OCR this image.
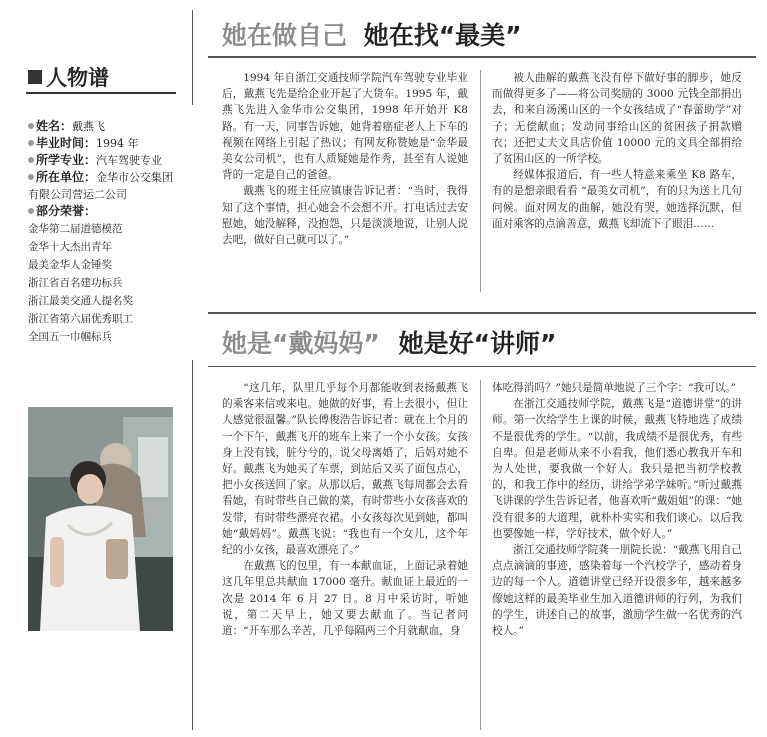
人物谱
姓名：戴燕飞
毕业时间：1994 年
所学专业：汽车驾驶专业
所在单位：金华市公交集团有限公司营运二公司
部分荣誉：
金华第二届道德模范
金华十大杰出青年
最美金华人金锤奖
浙江省百名建功标兵
浙江最美交通人提名奖
浙江省第六届优秀职工
全国五一巾帼标兵
她在做自己 她在找“最美”

1994 年自浙江交通技师学院汽车驾驶专业毕业后，戴燕飞先是给企业开起了大货车。1995 年，戴燕飞先进入金华市公交集团，1998 年开始开 K8 路。有一天，同事告诉她，她背着癌症老人上下车的视频在网络上引起了热议；有网友称赞她是“金华最美女公司机”，也有人质疑她是作秀，甚至有人说她背的一定是自己的爸爸。

戴燕飞的班主任应镇康告诉记者：“当时，我得知了这个事情，担心她会不会想不开。打电话过去安慰她，她没解释，没抱怨，只是淡淡地说，让别人说去吧，做好自己就可以了。”

被人曲解的戴燕飞没有停下做好事的脚步，她反而做得更多了——将公司奖励的 3000 元钱全部捐出去，和来自汤溪山区的一个女孩结成了“春蕾助学”对子；无偿献血；发动同事给山区的贫困孩子捐款赠衣；还把丈夫文具店价值 10000 元的文具全部捐给了贫困山区的一所学校。

经媒体报道后，有一些人特意来乘坐 K8 路车，有的是想亲眼看看 “最美女司机”，有的只为送上几句问候。面对网友的曲解，她没有哭，她选择沉默，但面对乘客的点滴善意，戴燕飞却流下了眼泪……

她是“戴妈妈” 她是好“讲师”

“这几年，队里几乎每个月都能收到表扬戴燕飞的乘客来信或来电。她做的好事，看上去很小，但让人感觉很温馨。”队长傅俊浩告诉记者：就在上个月的一个下午，戴燕飞开的班车上来了一个小女孩。女孩身上没有钱，脏兮兮的，说父母离婚了，后妈对她不好。戴燕飞为她买了车票，到站后又买了面包点心，把小女孩送回了家。从那以后，戴燕飞每周都会去看看她，有时带些自己做的菜，有时带些小女孩喜欢的发带，有时带些漂亮衣裙。小女孩每次见到她，都叫她“戴妈妈”。戴燕飞说：“我也有一个女儿，这个年纪的小女孩，最喜欢漂亮了。”

在戴燕飞的包里，有一本献血证，上面记录着她这几年里总共献血 17000 毫升。献血证上最近的一次是 2014 年 6 月 27 日。8 月中采访时，听她说，第二天早上，她又要去献血了。当记者问道：“开车那么辛苦，几乎每隔两三个月就献血，身

体吃得消吗？”她只是简单地说了三个字：“我可以。”

在浙江交通技师学院，戴燕飞是“道德讲堂”的讲师。第一次给学生上课的时候，戴燕飞特地选了成绩不是很优秀的学生。“以前，我成绩不是很优秀，有些自卑。但是老师从来不小看我，他们悉心教我开车和为人处世，要我做一个好人。我只是把当初学校教的，和我工作中的经历，讲给学弟学妹听。”听过戴燕飞讲课的学生告诉记者，他喜欢听“戴姐姐”的课：“她没有很多的大道理，就朴朴实实和我们谈心。以后我也要像她一样，学好技术，做个好人。”

浙江交通技师学院龚一朋院长说：“戴燕飞用自己点点滴滴的事迹，感染着每一个汽校学子，感动着身边的每一个人。道德讲堂已经开设很多年，越来越多像她这样的最美毕业生加入道德讲师的行列，为我们的学生，讲述自己的故事，激励学生做一名优秀的汽校人。”
